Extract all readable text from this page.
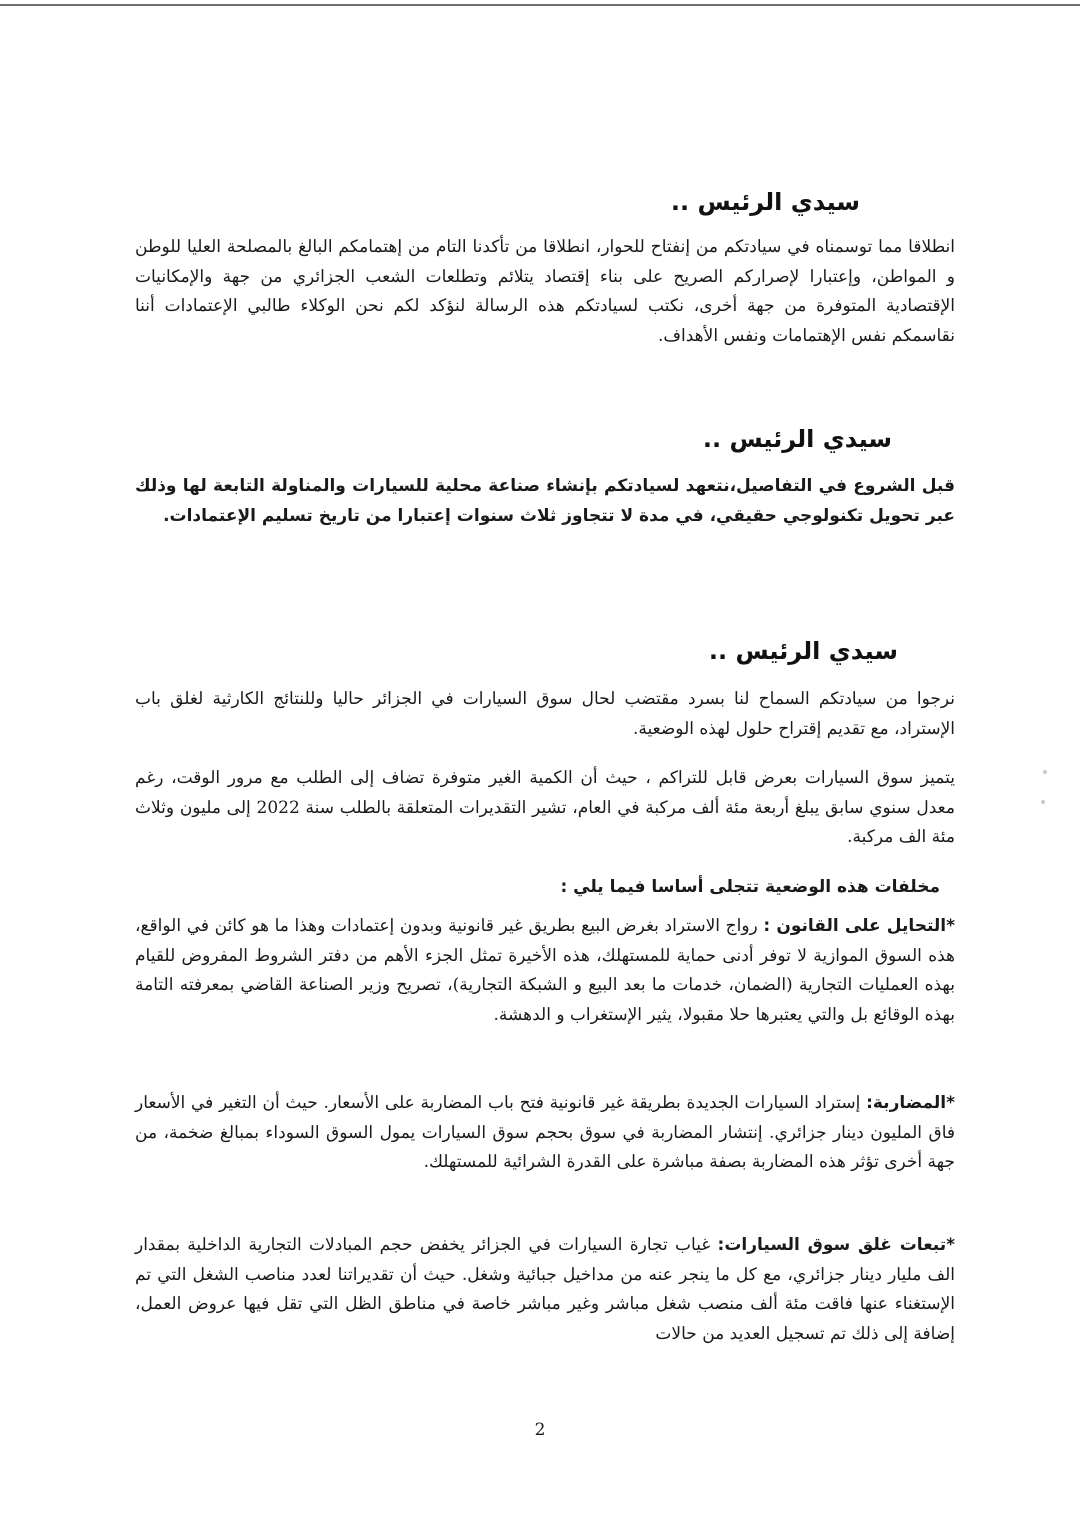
سيدي الرئيس ..

انطلاقا مما توسمناه في سيادتكم من إنفتاح للحوار، انطلاقا من تأكدنا التام من إهتمامكم البالغ بالمصلحة العليا للوطن و المواطن، وإعتبارا لإصراركم الصريح على بناء إقتصاد يتلائم وتطلعات الشعب الجزائري من جهة والإمكانيات الإقتصادية المتوفرة من جهة أخرى، نكتب لسيادتكم هذه الرسالة لنؤكد لكم نحن الوكلاء طالبي الإعتمادات أننا نقاسمكم نفس الإهتمامات ونفس الأهداف.

سيدي الرئيس ..

قبل الشروع في التفاصيل،نتعهد لسيادتكم بإنشاء صناعة محلية للسيارات والمناولة التابعة لها وذلك عبر تحويل تكنولوجي حقيقي، في مدة لا تتجاوز ثلاث سنوات إعتبارا من تاريخ تسليم الإعتمادات.

سيدي الرئيس ..

نرجوا من سيادتكم السماح لنا بسرد مقتضب لحال سوق السيارات في الجزائر حاليا وللنتائج الكارثية لغلق باب الإستراد، مع تقديم إقتراح حلول لهذه الوضعية.

يتميز سوق السيارات بعرض قابل للتراكم ، حيث أن الكمية الغير متوفرة تضاف إلى الطلب مع مرور الوقت، رغم معدل سنوي سابق يبلغ أربعة مئة ألف مركبة في العام، تشير التقديرات المتعلقة بالطلب سنة 2022 إلى مليون وثلاث مئة الف مركبة.

مخلفات هذه الوضعية تتجلى أساسا فيما يلي :

*التحايل على القانون : رواج الاستراد بغرض البيع بطريق غير قانونية وبدون إعتمادات وهذا ما هو كائن في الواقع، هذه السوق الموازية لا توفر أدنى حماية للمستهلك، هذه الأخيرة تمثل الجزء الأهم من دفتر الشروط المفروض للقيام بهذه العمليات التجارية (الضمان، خدمات ما بعد البيع و الشبكة التجارية)، تصريح وزير الصناعة القاضي بمعرفته التامة بهذه الوقائع بل والتي يعتبرها حلا مقبولا، يثير الإستغراب و الدهشة.

*المضاربة: إستراد السيارات الجديدة بطريقة غير قانونية فتح باب المضاربة على الأسعار. حيث أن التغير في الأسعار فاق المليون دينار جزائري. إنتشار المضاربة في سوق بحجم سوق السيارات يمول السوق السوداء بمبالغ ضخمة، من جهة أخرى تؤثر هذه المضاربة بصفة مباشرة على القدرة الشرائية للمستهلك.

*تبعات غلق سوق السيارات: غياب تجارة السيارات في الجزائر يخفض حجم المبادلات التجارية الداخلية بمقدار الف مليار دينار جزائري، مع كل ما ينجر عنه من مداخيل جبائية وشغل. حيث أن تقديراتنا لعدد مناصب الشغل التي تم الإستغناء عنها فاقت مئة ألف منصب شغل مباشر وغير مباشر خاصة في مناطق الظل التي تقل فيها عروض العمل، إضافة إلى ذلك تم تسجيل العديد من حالات

2
